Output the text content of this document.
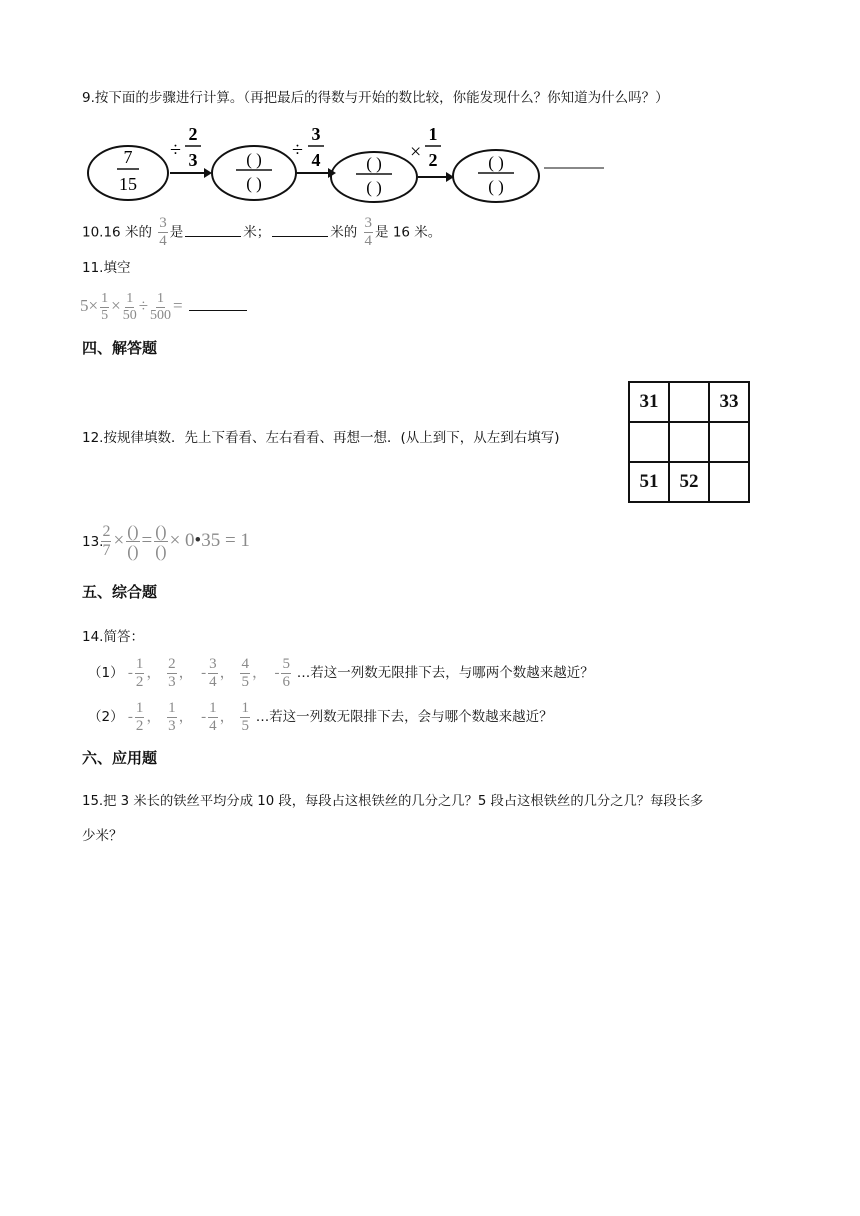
9.按下面的步骤进行计算。（再把最后的得数与开始的数比较，你能发现什么？你知道为什么吗？）
7
15
÷
2
3	( )
( )
÷
3
4	( )
( )
×
1
2	( )
( )
10.16 米的 $\frac{3}{4}$ 是	米；	米的 $\frac{3}{4}$ 是 16 米。
11.填空
$5\times \frac{1}{5} \times \frac{1}{50} \div \frac{1}{500}$ =
四、解答题
12.按规律填数．先上下看看、左右看看、再想一想．(从上到下，从左到右填写)
31		33

51	52	
13.
$\frac{2}{7} \times \frac{()}{()} = \frac{()}{()}$ × 0•35 = 1
五、综合题
14.简答：
$(1) - \frac{1}{2}$ ， $\frac{2}{3}$ ， - $\frac{3}{4}$ ， $\frac{4}{5}$ ， - $\frac{5}{6}$ …若这一列数无限排下去，与哪两个数越来越近？
$(2) - \frac{1}{2}$ ， $\frac{1}{3}$ ， - $\frac{1}{4}$ ， $\frac{1}{5}$ …若这一列数无限排下去，会与哪个数越来越近？
六、应用题
15.把 3 米长的铁丝平均分成 10 段，每段占这根铁丝的几分之几？5 段占这根铁丝的几分之几？每段长多
少米？
